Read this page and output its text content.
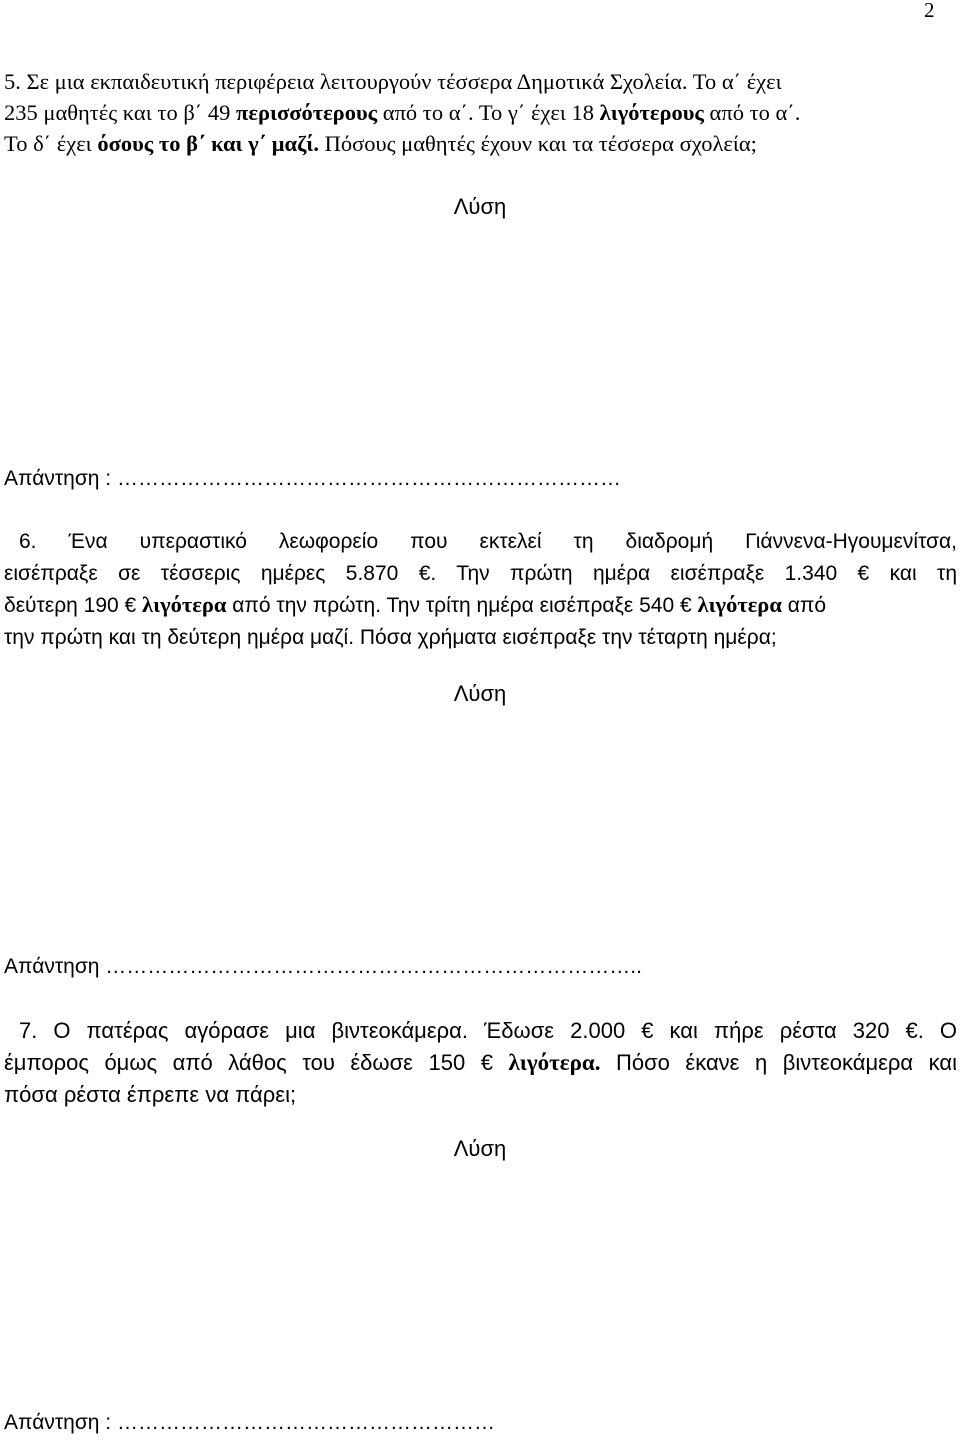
2
5. Σε μια εκπαιδευτική περιφέρεια λειτουργούν τέσσερα Δημοτικά Σχολεία. Το α΄ έχει
235 μαθητές και το β΄ 49 περισσότερους από το α΄. Το γ΄ έχει 18 λιγότερους από το α΄.
Το δ΄ έχει όσους το β΄ και γ΄ μαζί. Πόσους μαθητές έχουν και τα τέσσερα σχολεία;
Λύση
Απάντηση : ………………………………………………………………
6. Ένα υπεραστικό λεωφορείο που εκτελεί τη διαδρομή Γιάννενα-Ηγουμενίτσα,
εισέπραξε σε τέσσερις ημέρες 5.870 €. Την πρώτη ημέρα εισέπραξε 1.340 € και τη
δεύτερη 190 € λιγότερα από την πρώτη. Την τρίτη ημέρα εισέπραξε 540 € λιγότερα από
την πρώτη και τη δεύτερη ημέρα μαζί. Πόσα χρήματα εισέπραξε την τέταρτη ημέρα;
Λύση
Απάντηση …………………………………………………………………..
7. Ο πατέρας αγόρασε μια βιντεοκάμερα. Έδωσε 2.000 € και πήρε ρέστα 320 €. Ο
έμπορος όμως από λάθος του έδωσε 150 € λιγότερα. Πόσο έκανε η βιντεοκάμερα και
πόσα ρέστα έπρεπε να πάρει;
Λύση
Απάντηση : ………………………………………………
